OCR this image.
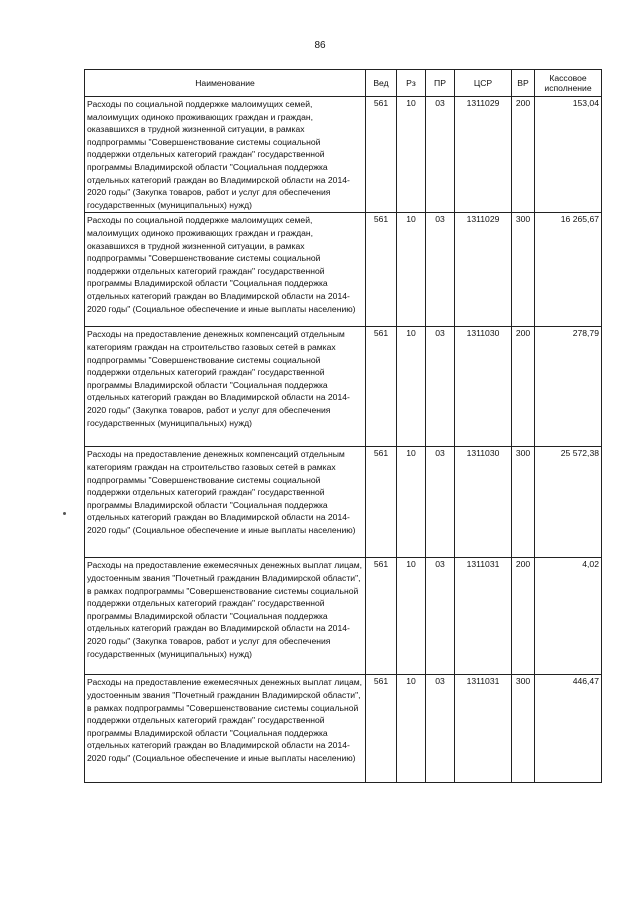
86
Наименование	Вед	Рз	ПР	ЦСР	ВР	Кассовое исполнение
Расходы по социальной поддержке малоимущих семей, малоимущих одиноко проживающих граждан и граждан, оказавшихся в трудной жизненной ситуации, в рамках подпрограммы "Совершенствование системы социальной поддержки отдельных категорий граждан" государственной программы Владимирской области "Социальная поддержка отдельных категорий граждан во Владимирской области на 2014-2020 годы" (Закупка товаров, работ и услуг для обеспечения государственных (муниципальных) нужд)	561	10	03	1311029	200	153,04
Расходы по социальной поддержке малоимущих семей, малоимущих одиноко проживающих граждан и граждан, оказавшихся в трудной жизненной ситуации, в рамках подпрограммы "Совершенствование системы социальной поддержки отдельных категорий граждан" государственной программы Владимирской области "Социальная поддержка отдельных категорий граждан во Владимирской области на 2014-2020 годы" (Социальное обеспечение и иные выплаты населению)	561	10	03	1311029	300	16 265,67
Расходы на предоставление денежных компенсаций отдельным категориям граждан на строительство газовых сетей в рамках подпрограммы "Совершенствование системы социальной поддержки отдельных категорий граждан" государственной программы Владимирской области "Социальная поддержка отдельных категорий граждан во Владимирской области на 2014-2020 годы" (Закупка товаров, работ и услуг для обеспечения государственных (муниципальных) нужд)	561	10	03	1311030	200	278,79
Расходы на предоставление денежных компенсаций отдельным категориям граждан на строительство газовых сетей в рамках подпрограммы "Совершенствование системы социальной поддержки отдельных категорий граждан" государственной программы Владимирской области "Социальная поддержка отдельных категорий граждан во Владимирской области на 2014-2020 годы" (Социальное обеспечение и иные выплаты населению)	561	10	03	1311030	300	25 572,38
Расходы на предоставление ежемесячных денежных выплат лицам, удостоенным звания "Почетный гражданин Владимирской области", в рамках подпрограммы "Совершенствование системы социальной поддержки отдельных категорий граждан" государственной программы Владимирской области "Социальная поддержка отдельных категорий граждан во Владимирской области на 2014-2020 годы" (Закупка товаров, работ и услуг для обеспечения государственных (муниципальных) нужд)	561	10	03	1311031	200	4,02
Расходы на предоставление ежемесячных денежных выплат лицам, удостоенным звания "Почетный гражданин Владимирской области", в рамках подпрограммы "Совершенствование системы социальной поддержки отдельных категорий граждан" государственной программы Владимирской области "Социальная поддержка отдельных категорий граждан во Владимирской области на 2014-2020 годы" (Социальное обеспечение и иные выплаты населению)	561	10	03	1311031	300	446,47
